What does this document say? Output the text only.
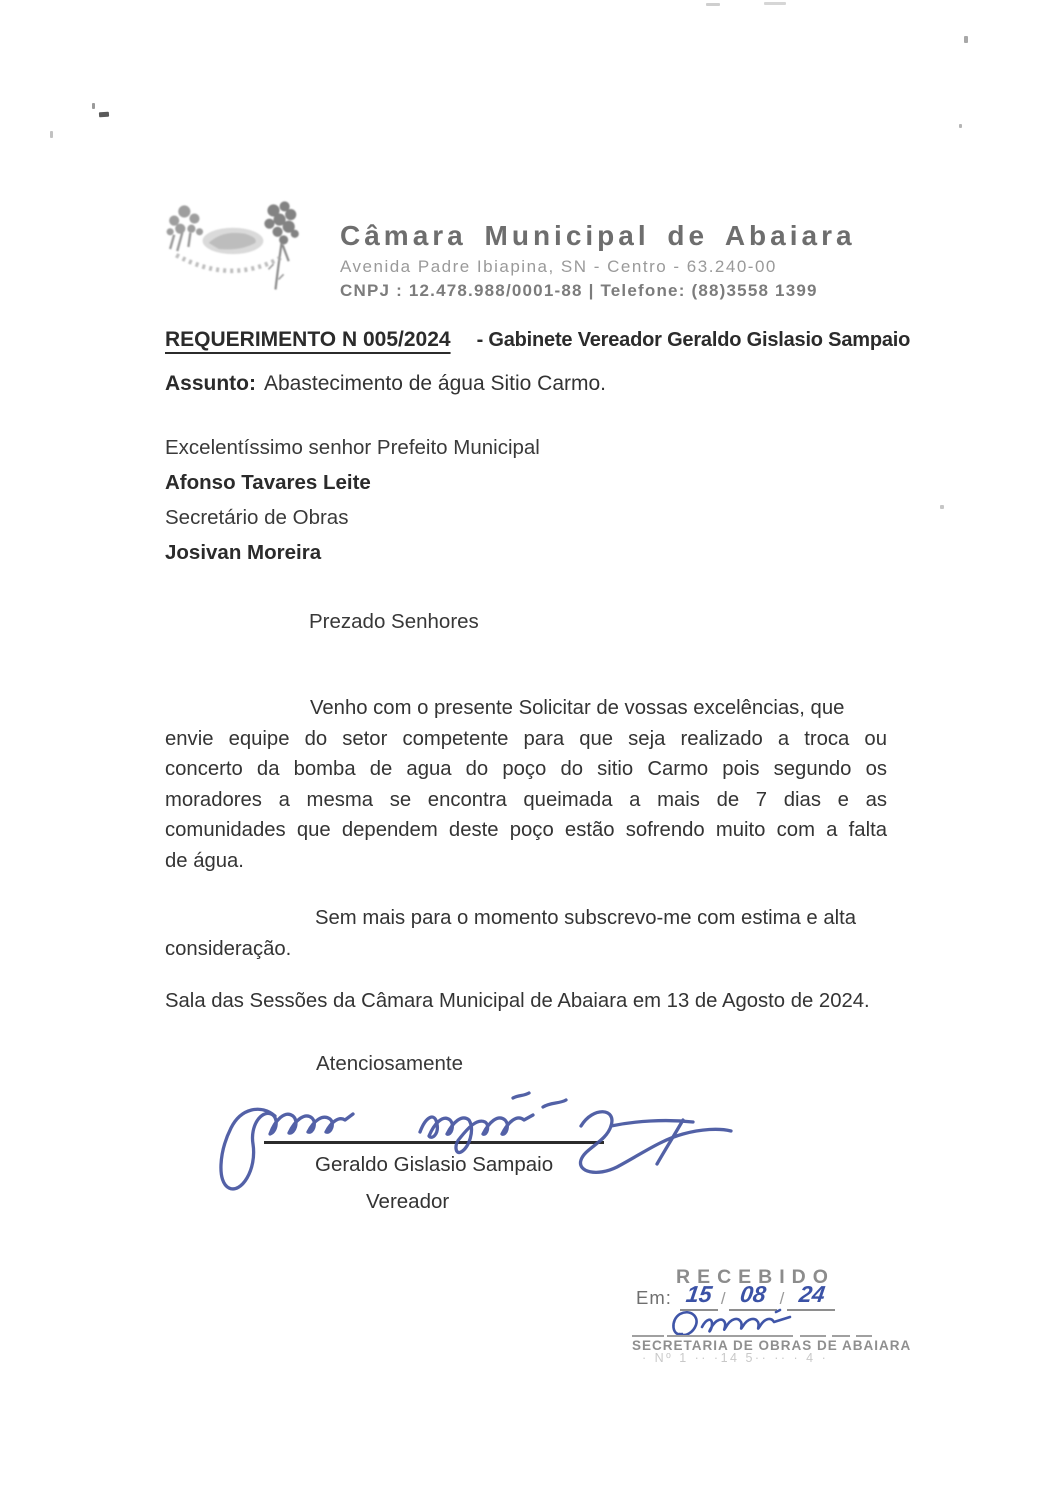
Câmara Municipal de Abaiara
Avenida Padre Ibiapina, SN - Centro - 63.240-00
CNPJ : 12.478.988/0001-88 | Telefone: (88)3558 1399
REQUERIMENTO N 005/2024 - Gabinete Vereador Geraldo Gislasio Sampaio
Assunto: Abastecimento de água Sitio Carmo.
Excelentíssimo senhor Prefeito Municipal
Afonso Tavares Leite
Secretário de Obras
Josivan Moreira
Prezado Senhores
Venho com o presente Solicitar de vossas excelências, que
envie equipe do setor competente para que seja realizado a troca ou
concerto da bomba de agua do poço do sitio Carmo pois segundo os
moradores a mesma se encontra queimada a mais de 7 dias e as
comunidades que dependem deste poço estão sofrendo muito com a falta
de água.
Sem mais para o momento subscrevo-me com estima e alta
consideração.
Sala das Sessões da Câmara Municipal de Abaiara em 13 de Agosto de 2024.
Atenciosamente
Geraldo Gislasio Sampaio
Vereador
RECEBIDO
Em: 15 / 08 / 24
SECRETARIA DE OBRAS DE ABAIARA
· Nº 1 ·· ·14 5·· ·· · 4 ·
